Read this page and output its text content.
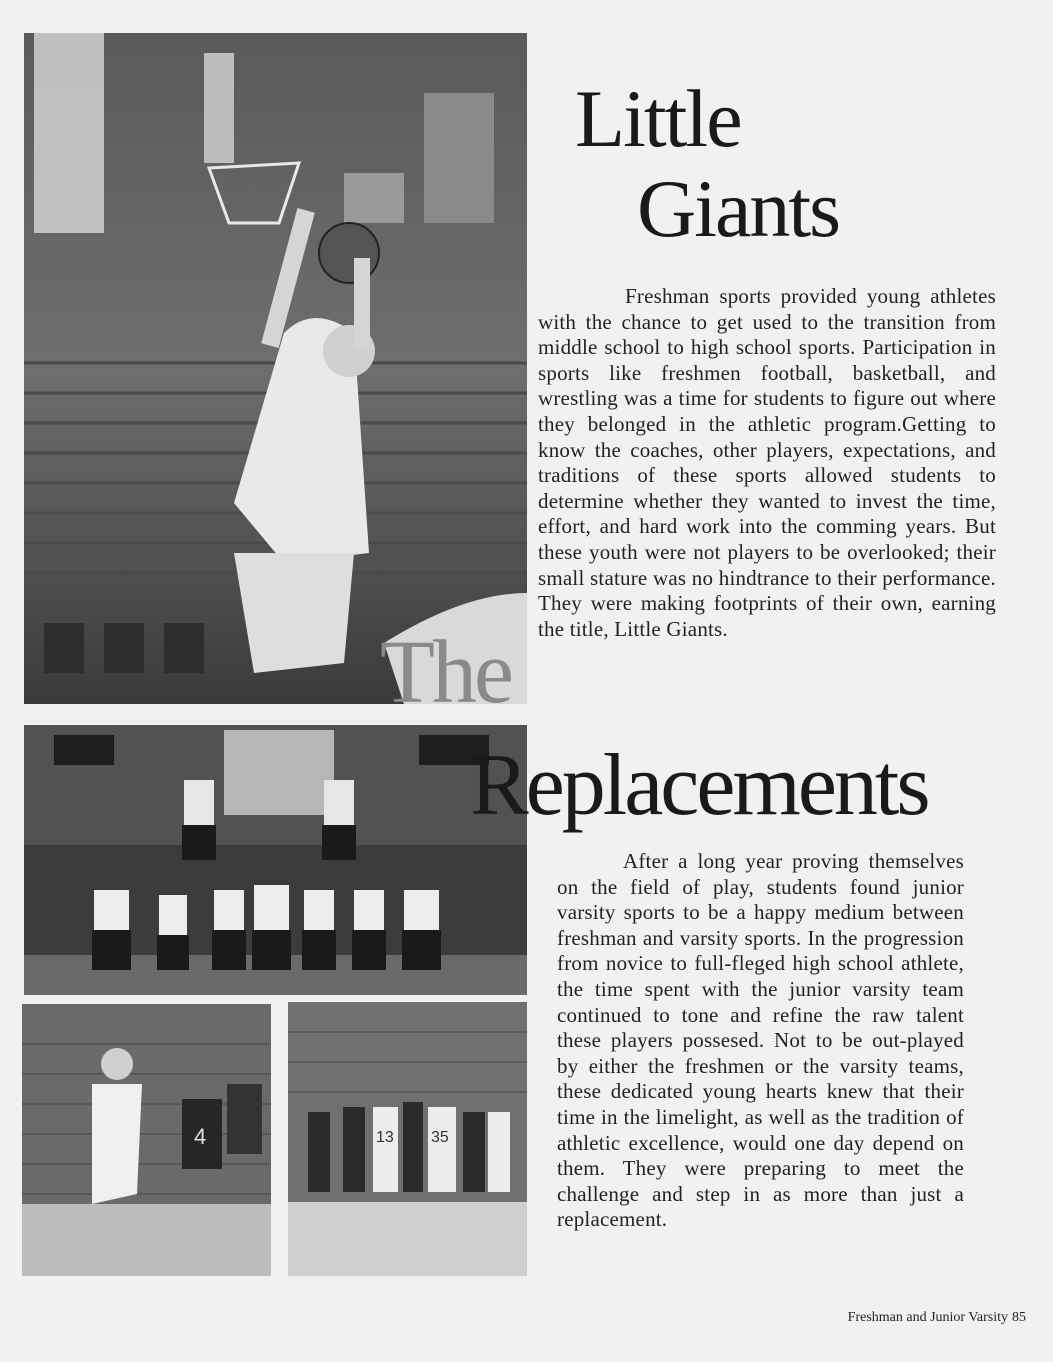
4	13 35
Little
Giants
Freshman sports provided young athletes with the chance to get used to the transition from middle school to high school sports. Participation in sports like freshmen football, basketball, and wrestling was a time for students to figure out where they belonged in the athletic program.Getting to know the coaches, other players, expectations, and traditions of these sports allowed students to determine whether they wanted to invest the time, effort, and hard work into the comming years. But these youth were not players to be overlooked; their small stature was no hindtrance to their performance. They were making footprints of their own, earning the title, Little Giants.
The
Replacements
After a long year proving themselves on the field of play, students found junior varsity sports to be a happy medium between freshman and varsity sports. In the progression from novice to full-fleged high school athlete, the time spent with the junior varsity team continued to tone and refine the raw talent these players possesed. Not to be out-played by either the freshmen or the varsity teams, these dedicated young hearts knew that their time in the limelight, as well as the tradition of athletic excellence, would one day depend on them. They were preparing to meet the challenge and step in as more than just a replacement.
Freshman and Junior Varsity 85
